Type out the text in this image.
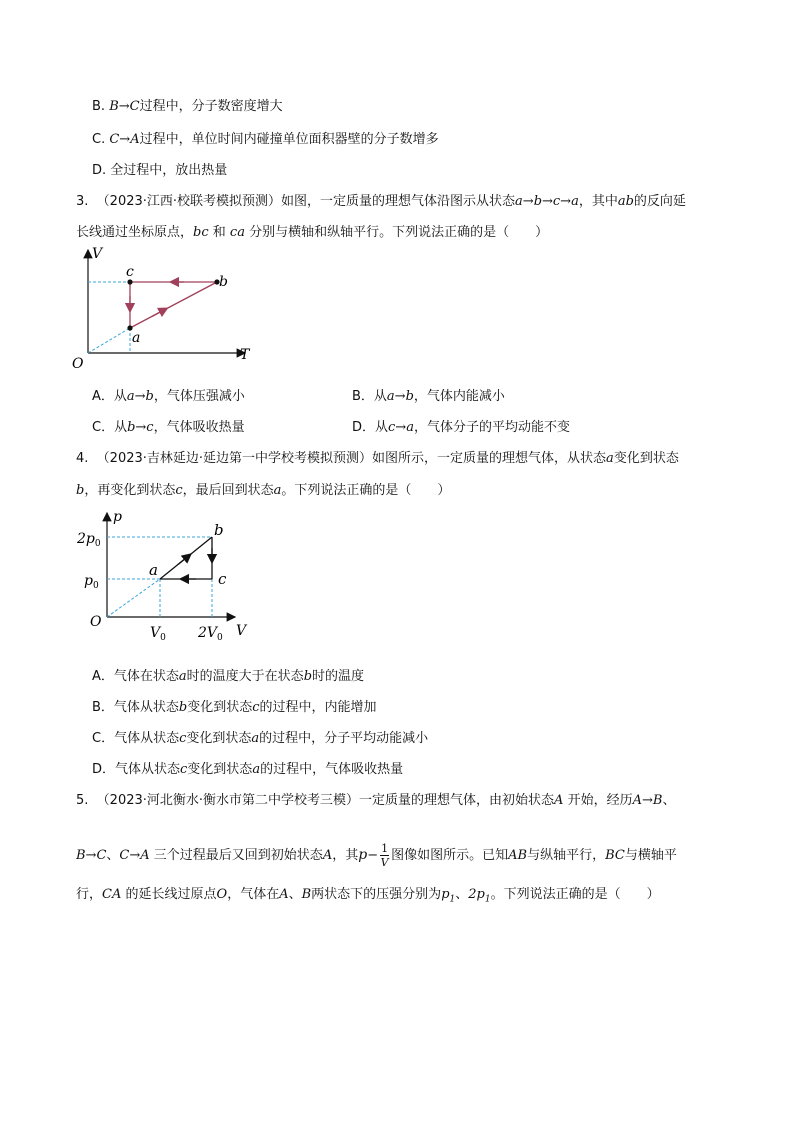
B. B→C过程中，分子数密度增大
C. C→A过程中，单位时间内碰撞单位面积器壁的分子数增多
D. 全过程中，放出热量
3. （2023·江西·校联考模拟预测）如图，一定质量的理想气体沿图示从状态a→b→c→a，其中ab的反向延
长线通过坐标原点，bc 和 ca 分别与横轴和纵轴平行。下列说法正确的是（　　）
V
T
O
a
b
c
A．从a→b，气体压强减小	B．从a→b，气体内能减小
C．从b→c，气体吸收热量	D．从c→a，气体分子的平均动能不变
4. （2023·吉林延边·延边第一中学校考模拟预测）如图所示，一定质量的理想气体，从状态a变化到状态
b，再变化到状态c，最后回到状态a。下列说法正确的是（　　）
p
V
O
$2p_0$
$p_0$
$V_0$ $2V_0$
a
b
c
A．气体在状态a时的温度大于在状态b时的温度
B．气体从状态b变化到状态c的过程中，内能增加
C．气体从状态c变化到状态a的过程中，分子平均动能减小
D．气体从状态c变化到状态a的过程中，气体吸收热量
5. （2023·河北衡水·衡水市第二中学校考三模）一定质量的理想气体，由初始状态A 开始，经历A→B、
B→C、C→A 三个过程最后又回到初始状态A，其$p- \frac{1}{V}$ 图像如图所示。已知AB与纵轴平行，BC与横轴平
行，CA 的延长线过原点O，气体在A、B两状态下的压强分别为$p_1$、$2p_1$。下列说法正确的是（　　）
